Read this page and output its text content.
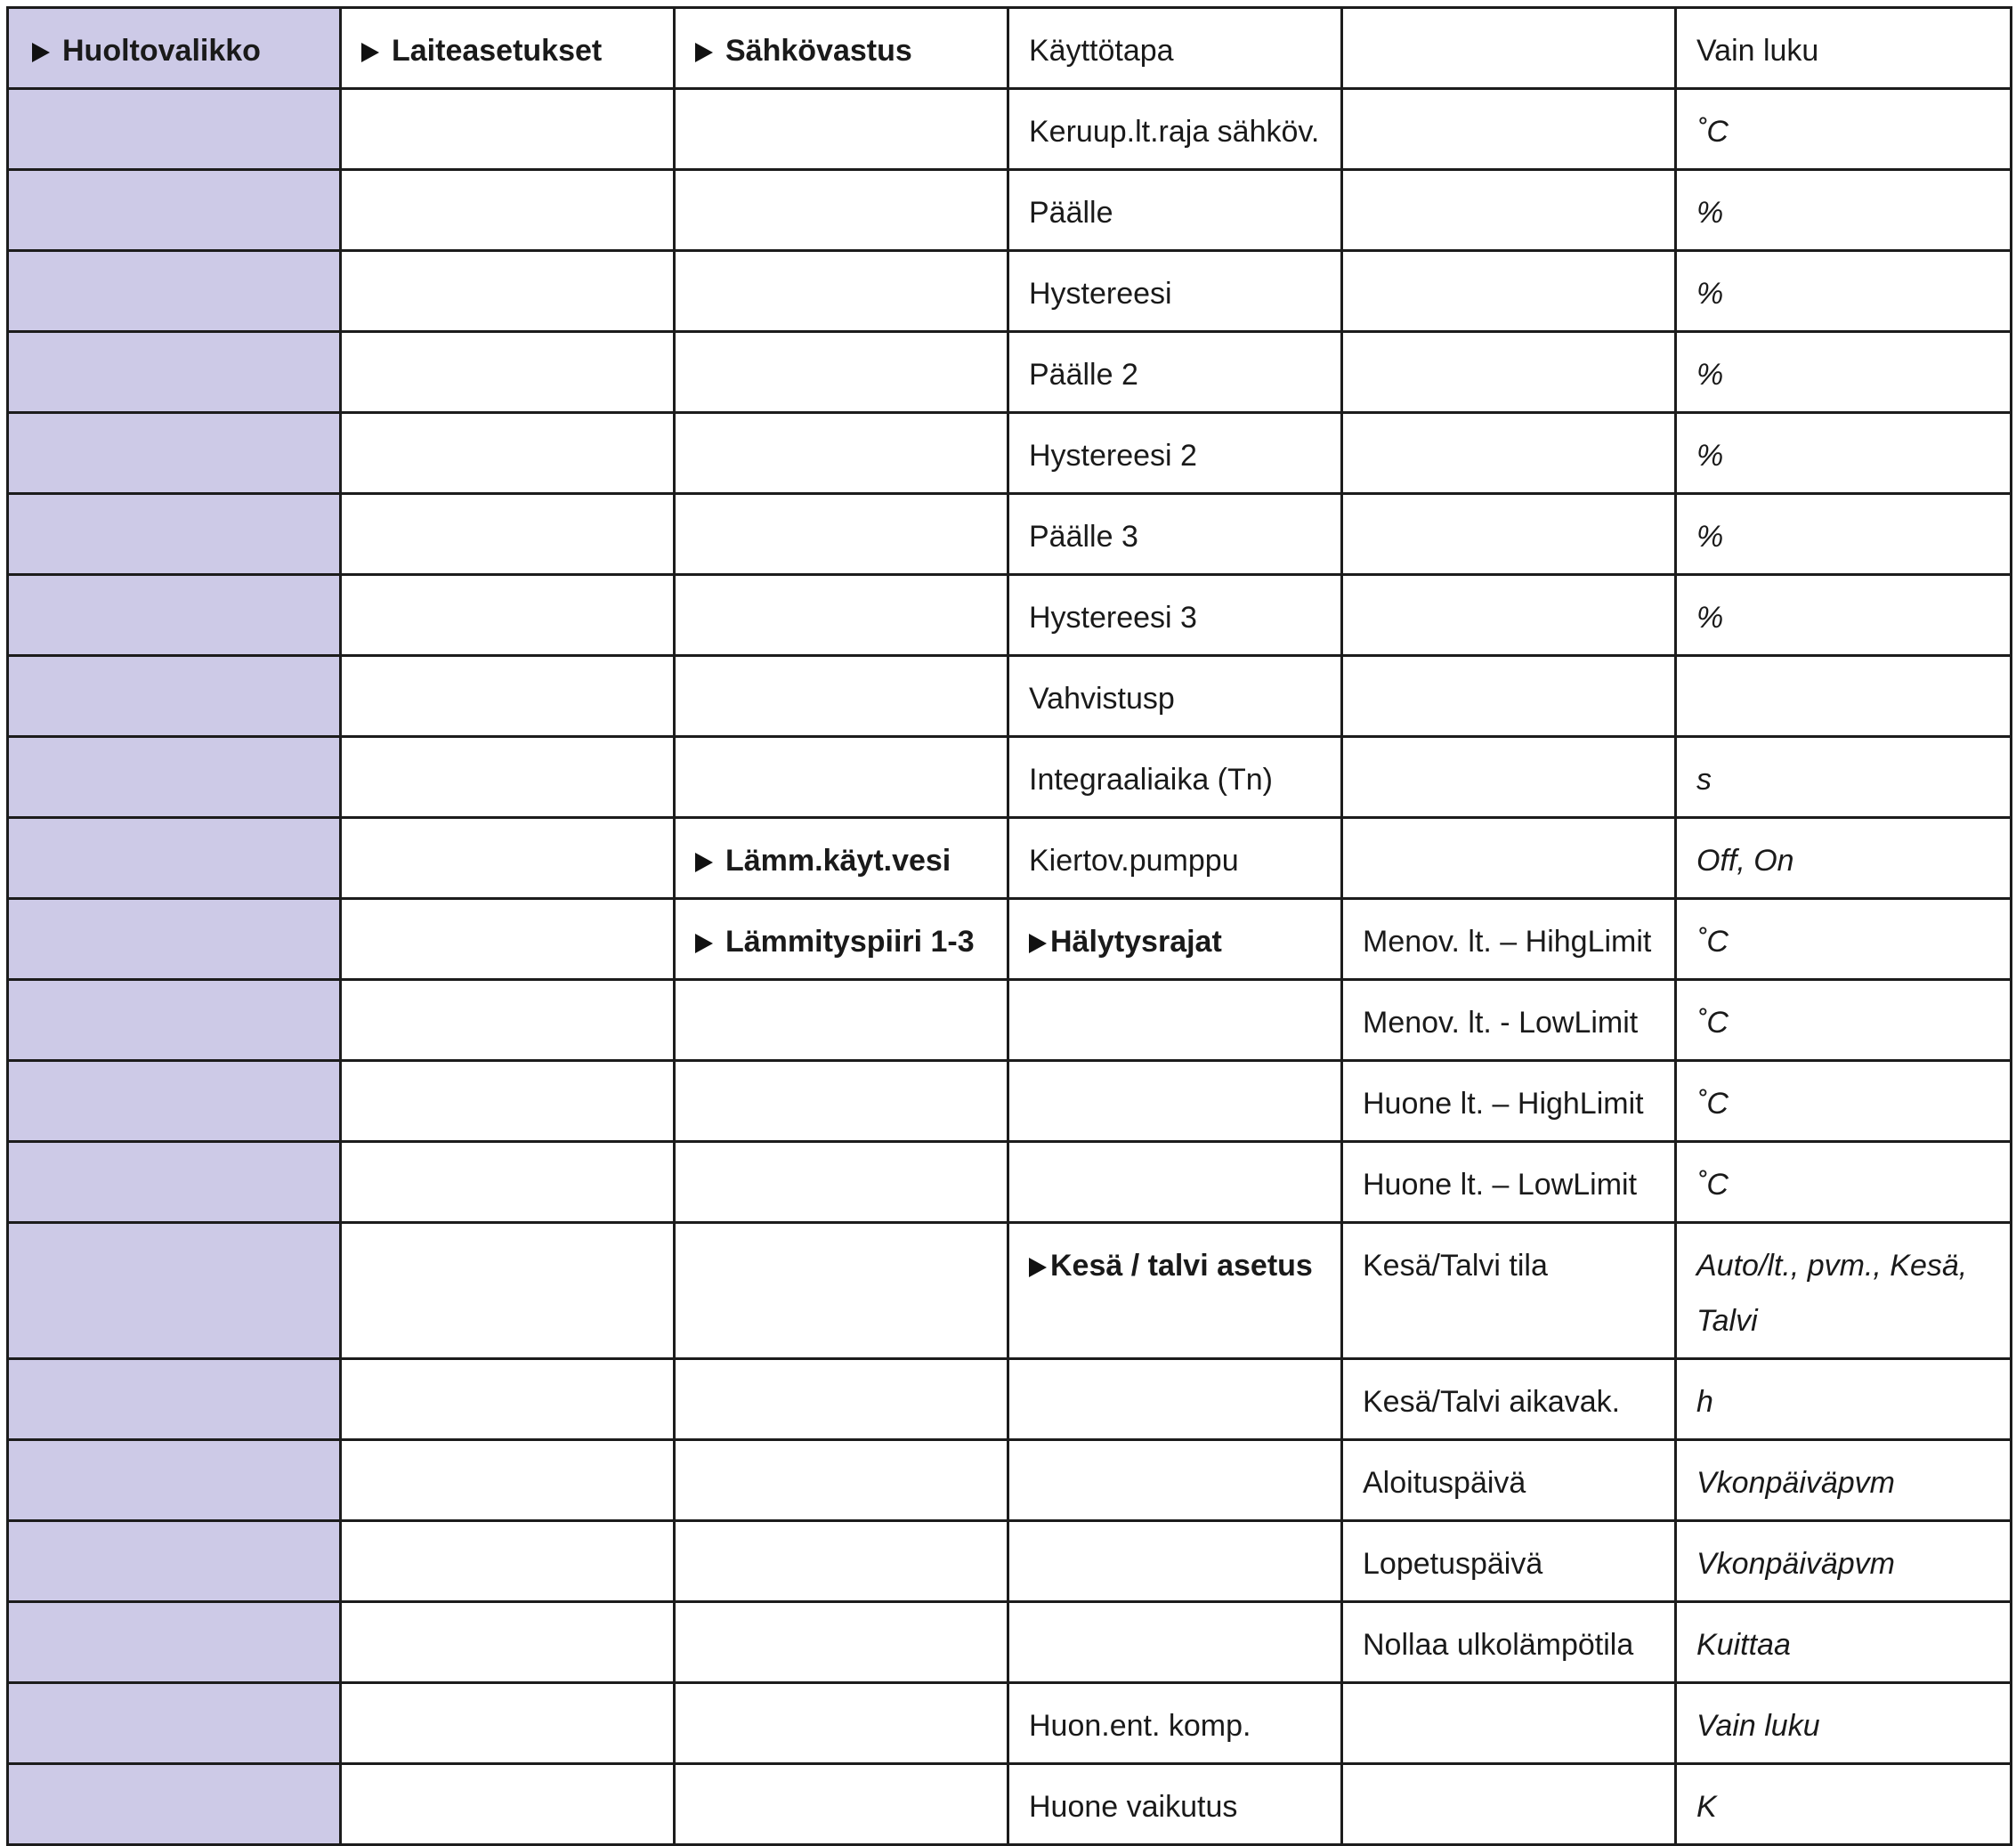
Huoltovalikko	Laiteasetukset	Sähkövastus	Käyttötapa		Vain luku
			Keruup.lt.raja sähköv.		˚C
			Päälle		%
			Hystereesi		%
			Päälle 2		%
			Hystereesi 2		%
			Päälle 3		%
			Hystereesi 3		%
			Vahvistusp		
			Integraaliaika (Tn)		s
		Lämm.käyt.vesi	Kiertov.pumppu		Off, On
		Lämmityspiiri 1-3	Hälytysrajat	Menov. lt. – HihgLimit	˚C
				Menov. lt. - LowLimit	˚C
				Huone lt. – HighLimit	˚C
				Huone lt. – LowLimit	˚C
			Kesä / talvi asetus	Kesä/Talvi tila	Auto/lt., pvm., Kesä, Talvi
				Kesä/Talvi aikavak.	h
				Aloituspäivä	Vkonpäiväpvm
				Lopetuspäivä	Vkonpäiväpvm
				Nollaa ulkolämpötila	Kuittaa
			Huon.ent. komp.		Vain luku
			Huone vaikutus		K
